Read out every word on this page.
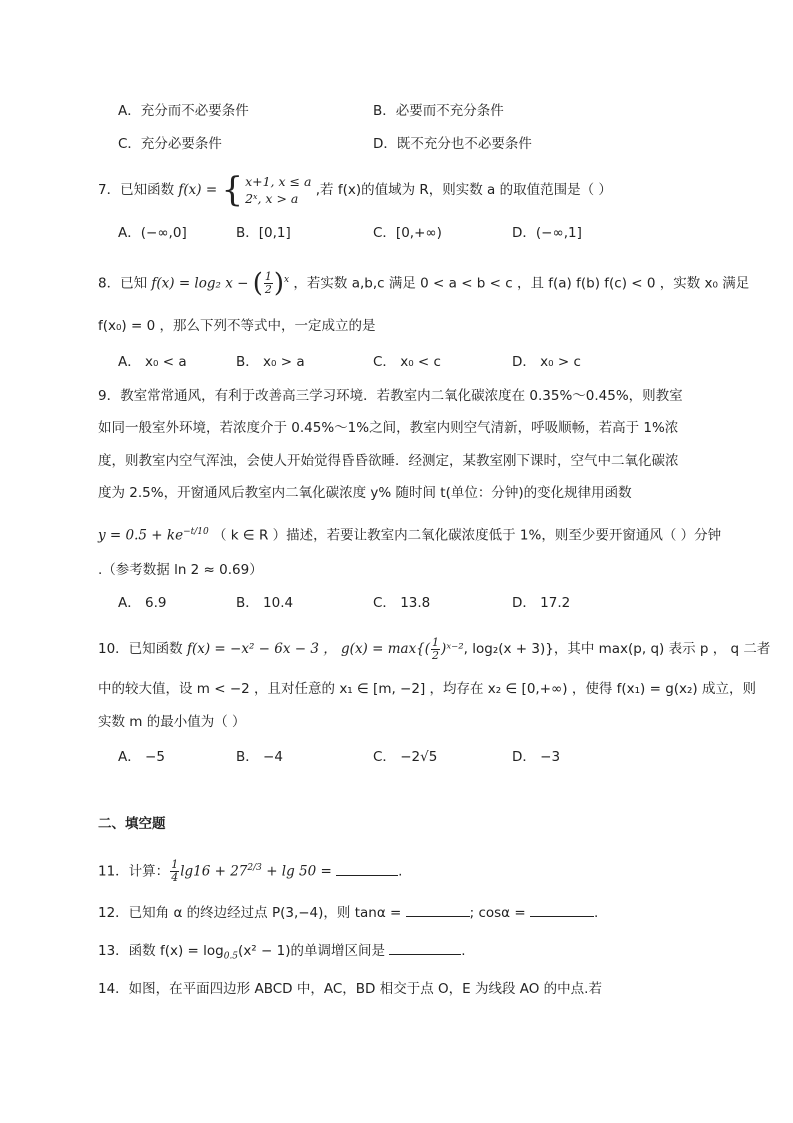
A．充分而不必要条件	B．必要而不充分条件
C．充分必要条件	D．既不充分也不必要条件
7．已知函数 f(x) = { x+1, x ≤ a
2ˣ, x > a
,若 f(x)的值域为 R，则实数 a 的取值范围是（ ）
A．(−∞,0]	B．[0,1]	C．[0,+∞)	D．(−∞,1]
8．已知 f(x) = log₂ x − ( $\frac{1}{2} )^x$ ，若实数 a,b,c 满足 0 < a < b < c ，且 f(a) f(b) f(c) < 0 ，实数 x₀ 满足
f(x₀) = 0 ，那么下列不等式中，一定成立的是
A． x₀ < a	B． x₀ > a	C． x₀ < c	D． x₀ > c
9．教室常常通风，有利于改善高三学习环境．若教室内二氧化碳浓度在 0.35%～0.45%，则教室
如同一般室外环境，若浓度介于 0.45%～1%之间，教室内则空气清新，呼吸顺畅，若高于 1%浓
度，则教室内空气浑浊，会使人开始觉得昏昏欲睡．经测定，某教室刚下课时，空气中二氧化碳浓
度为 2.5%，开窗通风后教室内二氧化碳浓度 y% 随时间 t(单位：分钟)的变化规律用函数
$y = 0.5 + ke^{-t/10}$ （ k ∈ R ）描述，若要让教室内二氧化碳浓度低于 1%，则至少要开窗通风（ ）分钟
.（参考数据 ln 2 ≈ 0.69）
A． 6.9	B． 10.4	C． 13.8	D． 17.2
10．已知函数 f(x) = −x² − 6x − 3 ， $g(x) = \max\{( \frac{1}{2}$ )ˣ⁻², log₂(x + 3)}，其中 max(p, q) 表示 p ， q 二者
中的较大值，设 m < −2 ，且对任意的 x₁ ∈ [m, −2] ，均存在 x₂ ∈ [0,+∞) ，使得 f(x₁) = g(x₂) 成立，则
实数 m 的最小值为（ ）
A． −5	B． −4	C． −2√5	D． −3
二、填空题
11．计算： $\frac{1}{4} \lg 16 + 27^{2/3} + \lg 50$ =	.
12．已知角 α 的终边经过点 P(3,−4)，则 tanα =	; cosα =	.
13．函数 $f(x) = \log_{0.5}(x^2 - 1)$的单调增区间是	.
14．如图，在平面四边形 ABCD 中，AC，BD 相交于点 O，E 为线段 AO 的中点.若
